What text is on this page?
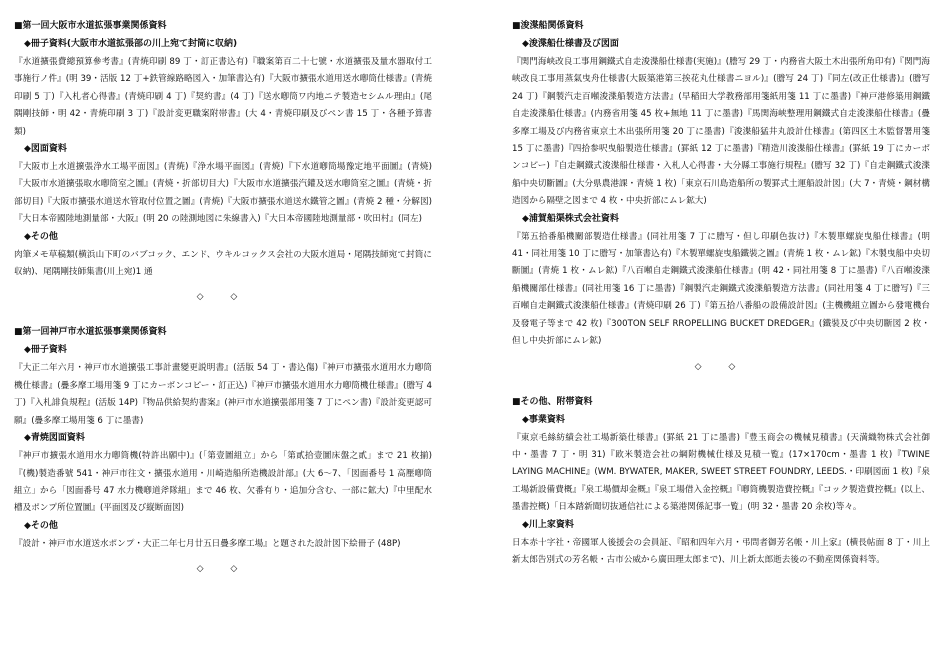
■第一回大阪市水道拡張事業関係資料
◆冊子資料(大阪市水道拡張部の川上宛て封筒に収納)
『水道擴張費總預算參考書』(青焼印刷 89 丁・訂正書込有)『職案第百二十七號・水道擴張及量水器取付工事施行ノ件』(明 39・活版 12 丁+鉄管線路略図入・加筆書込有)『大阪市擴張水道用送水喞筒仕様書』(青焼印刷 5 丁)『入札者心得書』(青焼印刷 4 丁)『契約書』(4 丁)『送水喞筒ワ内地ニテ製造セシムル理由』(尾隅剛技師・明 42・青焼印刷 3 丁)『設計変更職案附帯書』(大 4・青焼印刷及びペン書 15 丁・各種予算書類)
◆図面資料
『大阪市上水道擴張浄水工場平面図』(青焼)『浄水場平面図』(青焼)『下水道喞筒場豫定地平面圖』(青焼)『大阪市水道擴張取水喞筒室之圖』(青焼・折部切目大)『大阪市水道擴張汽鑵及送水喞筒室之圖』(青焼・折部切目)『大阪市擴張水道送水管取付位置之圖』(青焼)『大阪市擴張水道送水鐵管之圖』(青焼 2 種・分解図)『大日本帝國陸地測量部・大阪』(明 20 の陸測地図に朱線書入)『大日本帝國陸地測量部・吹田村』(同左)
◆その他
肉筆メモ草稿類(横浜山下町のバブコック、エンド、ウキルコックス会社の大阪水道局・尾隅技師宛て封筒に収納)、尾隅剛技師集書(川上宛)1 通
◇ ◇
■第一回神戸市水道拡張事業関係資料
◆冊子資料
『大正二年六月・神戸市水道擴張工事計畫變更説明書』(活版 54 丁・書込傷)『神戸市擴張水道用水力喞筒機仕様書』(疊多摩工場用箋 9 丁にカーボンコピー・訂正込)『神戸市擴張水道用水力喞筒機仕様書』(謄写 4 丁)『入札誹負規程』(活版 14P)『物品供給契約書案』(神戸市水道擴張部用箋 7 丁にペン書)『設計変更認可願』(疊多摩工場用箋 6 丁に墨書)
◆青焼図面資料
『神戸市擴張水道用水力喞筒機(特許出願中)』(「第壹圖組立」から「第貳拾壹圖床盤之貳」まで 21 枚揃)『(機)製造番號 541・神戸市往文・擴張水道用・川崎造船所造機設計部』(大 6〜7、「図面番号 1 高壓喞筒組立」から「図面番号 47 水力機喞道斧隊組」まで 46 枚、欠番有り・追加分含む、一部に鉱大)『中里配水槽及ポンプ所位置圖』(平面図及び縦断面図)
◆その他
『設計・神戸市水道送水ポンプ・大正二年七月廿五日疊多摩工場』と題された設計図下絵冊子 (48P)
◇ ◇
■浚渫船関係資料
◆浚渫船仕様書及び図面
『関門海峡改良工事用鋼鐵式自走浚渫船仕様書(実施)』(謄写 29 丁・内務省大阪土木出張所角印有)『関門海峡改良工事用蒸氣曳舟仕様書(大阪築港第三挨花丸仕様書ニヨル)』(謄写 24 丁)『同左(改正仕様書)』(謄写 24 丁)『鋼製汽走百噸浚渫船製造方法書』(早稲田大学教務部用箋紙用箋 11 丁に墨書)『神戸港修築用鋼鐵自走浚渫船仕様書』(内務省用箋 45 枚+無地 11 丁に墨書)『馬関海峡整理用鋼鐵式自走浚渫船仕様書』(疊多摩工場及び内務省東京土木出張所用箋 20 丁に墨書)『浚渫船猛井丸設計仕様書』(第四区土木監督署用箋 15 丁に墨書)『四拾参呎曳船製造仕様書』(罫紙 12 丁に墨書)『精造川浚渫船仕様書』(罫紙 19 丁にカーボンコピー)『自走鋼鐵式浚渫船仕様書・入札人心得書・大分縣工事施行規程』(謄写 32 丁)『自走鋼鐵式浚渫船中央切斷圖』(大分県農港課・青焼 1 枚)「東京石川島造船所の製罫式土運船設計図」(大 7・青焼・鋼材構造図から隔壁之図まで 4 枚・中央折部にムレ鉱大)
◆浦賀船渠株式会社資料
『第五拾番船機關部製造仕様書』(同社用箋 7 丁に謄写・但し印刷色抜け)『木製單螺旋曳船仕様書』(明 41・同社用箋 10 丁に謄写・加筆書込有)『木製單螺旋曳船鐵裝之圖』(青焼 1 枚・ムレ鉱)『木製曳船中央切斷圖』(青焼 1 枚・ムレ鉱)『八百噸自走鋼鐵式浚渫船仕様書』(明 42・同社用箋 8 丁に墨書)『八百噸浚渫船機關部仕様書』(同社用箋 16 丁に墨書)『鋼製汽走鋼鐵式浚渫船製造方法書』(同社用箋 4 丁に謄写)『三百噸自走鋼鐵式浚渫船仕様書』(青焼印刷 26 丁)『第五拾八番船の設備設計図』(主機機組立圖から發電機台及發電子等まで 42 枚)『300TON SELF RROPELLING BUCKET DREDGER』(鐵裝及び中央切斷図 2 枚・但し中央折部にムレ鉱)
◇ ◇
■その他、附帯資料
◆事業資料
『東京毛絲紡績会社工場新築仕様書』(罫紙 21 丁に墨書)『豊玉商会の機械見積書』(天満織物株式会社御中・墨書 7 丁・明 31)『欧米製造会社の綱附機械仕様及見積一覧』(17×170cm・墨書 1 枚)『TWINE LAYING MACHINE』(WM. BYWATER, MAKER, SWEET STREET FOUNDRY, LEEDS.・印刷図面 1 枚)『泉工場新設備費概』『泉工場價却金概』『泉工場借入金控概』『喞筒機製造費控概』『コック製造費控概』(以上、墨書控概)「日本踏新聞切抜通信社による築港関係記事一覧」(明 32・墨書 20 余枚)等々。
◆川上家資料
日本赤十字社・帝國軍人後援会の会員証、『昭和四年六月・弔問者御芳名帳・川上家』(横長帖面 8 丁・川上新太郎告別式の芳名帳・古市公威から廣田理太郎まで)、川上新太郎逝去後の不動産関係資料等。
